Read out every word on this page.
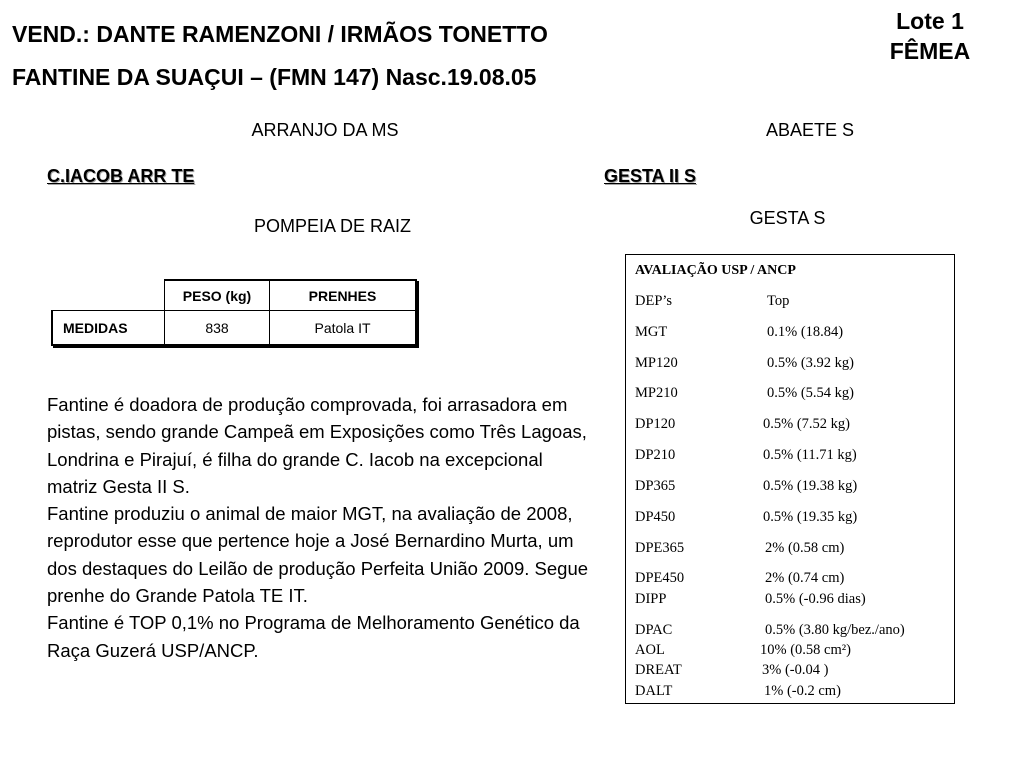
VEND.: DANTE RAMENZONI / IRMÃOS TONETTO
FANTINE DA SUAÇUI – (FMN 147) Nasc.19.08.05
Lote 1
FÊMEA
ARRANJO DA MS	ABAETE S
C.IACOB ARR TE	GESTA II S
POMPEIA DE RAIZ	GESTA S
	PESO (kg)	PRENHES
MEDIDAS	838	Patola IT

Fantine é doadora de produção comprovada, foi arrasadora em pistas, sendo grande Campeã em Exposições como Três Lagoas, Londrina e Pirajuí, é filha do grande C. Iacob na excepcional matriz Gesta II S.

Fantine produziu o animal de maior MGT, na avaliação de 2008, reprodutor esse que pertence hoje a José Bernardino Murta, um dos destaques do Leilão de produção Perfeita União 2009. Segue prenhe do Grande Patola TE IT.

Fantine é TOP 0,1% no Programa de Melhoramento Genético da Raça Guzerá USP/ANCP.

AVALIAÇÃO USP / ANCP
DEP’s	Top
MGT	0.1% (18.84)
MP120	0.5% (3.92 kg)
MP210	0.5% (5.54 kg)
DP120	0.5% (7.52 kg)
DP210	0.5% (11.71 kg)
DP365	0.5% (19.38 kg)
DP450	0.5% (19.35 kg)
DPE365	2% (0.58 cm)
DPE450	2% (0.74 cm)
DIPP	0.5% (-0.96 dias)
DPAC	0.5% (3.80 kg/bez./ano)
AOL	10% (0.58 cm²)
DREAT	3% (-0.04 )
DALT	1% (-0.2 cm)
